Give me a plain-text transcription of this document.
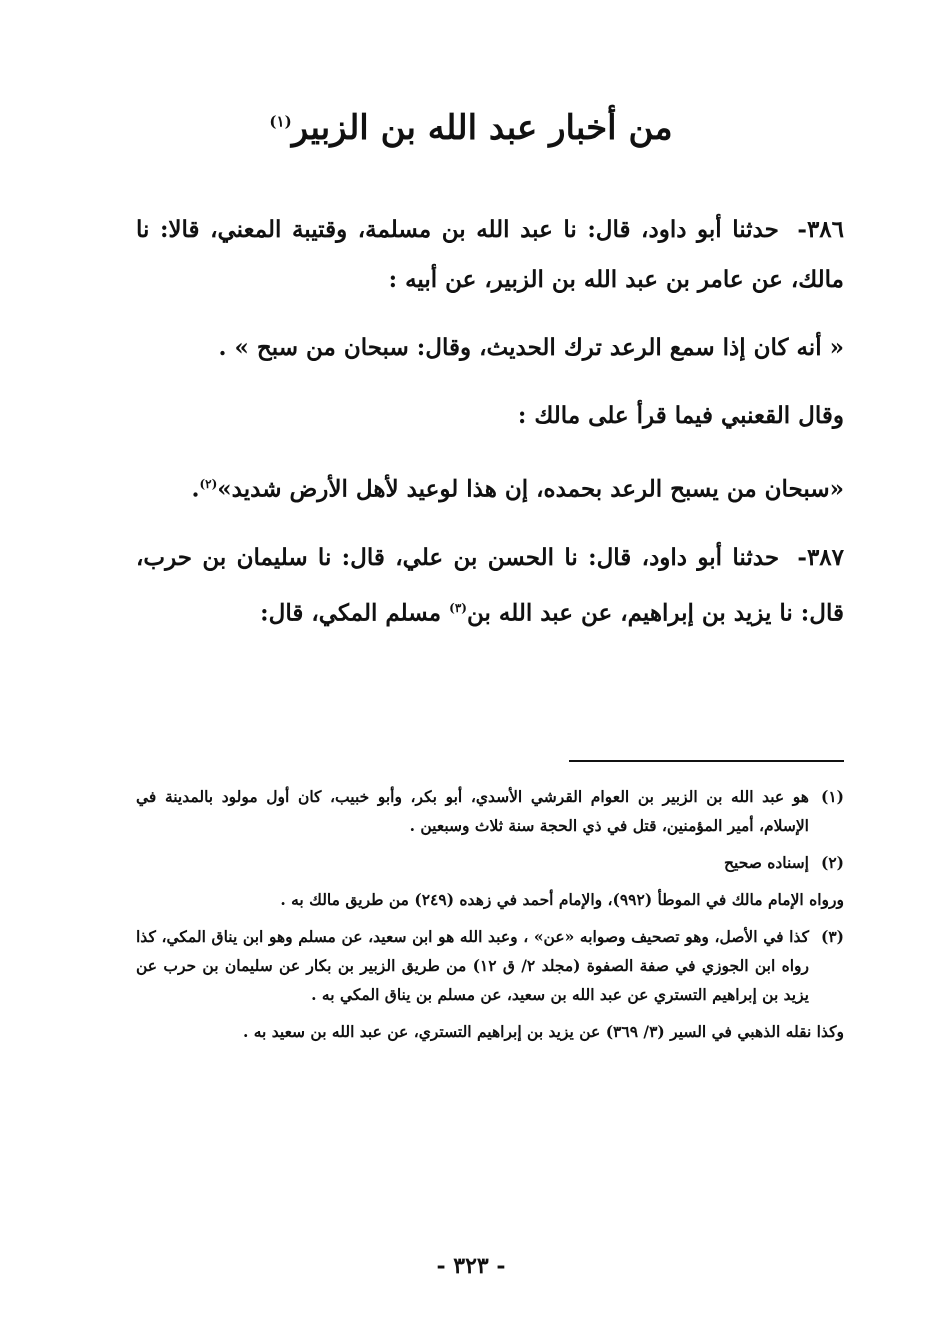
من أخبار عبد الله بن الزبير$^{(١)}$

٣٨٦- حدثنا أبو داود، قال: نا عبد الله بن مسلمة، وقتيبة المعني، قالا: نا مالك، عن عامر بن عبد الله بن الزبير، عن أبيه :

« أنه كان إذا سمع الرعد ترك الحديث، وقال: سبحان من سبح » .

وقال القعنبي فيما قرأ على مالك :

«سبحان من يسبح الرعد بحمده، إن هذا لوعيد لأهل الأرض شديد»$^{(٢)}$.

٣٨٧- حدثنا أبو داود، قال: نا الحسن بن علي، قال: نا سليمان بن حرب، قال: نا يزيد بن إبراهيم، عن عبد الله بن$^{(٣)}$ مسلم المكي، قال:

(١)
هو عبد الله بن الزبير بن العوام القرشي الأسدي، أبو بكر، وأبو خبيب، كان أول مولود بالمدينة في الإسلام، أمير المؤمنين، قتل في ذي الحجة سنة ثلاث وسبعين .
(٢)
إسناده صحيح

ورواه الإمام مالك في الموطأ (٩٩٢)، والإمام أحمد في زهده (٢٤٩) من طريق مالك به .

(٣)
كذا في الأصل، وهو تصحيف وصوابه «عن» ، وعبد الله هو ابن سعيد، عن مسلم وهو ابن يناق المكي، كذا رواه ابن الجوزي في صفة الصفوة (مجلد ٢/ ق ١٢) من طريق الزبير بن بكار عن سليمان بن حرب عن يزيد بن إبراهيم التستري عن عبد الله بن سعيد، عن مسلم بن يناق المكي به .

وكذا نقله الذهبي في السير (٣/ ٣٦٩) عن يزيد بن إبراهيم التستري، عن عبد الله بن سعيد به .

- ٣٢٣ -
